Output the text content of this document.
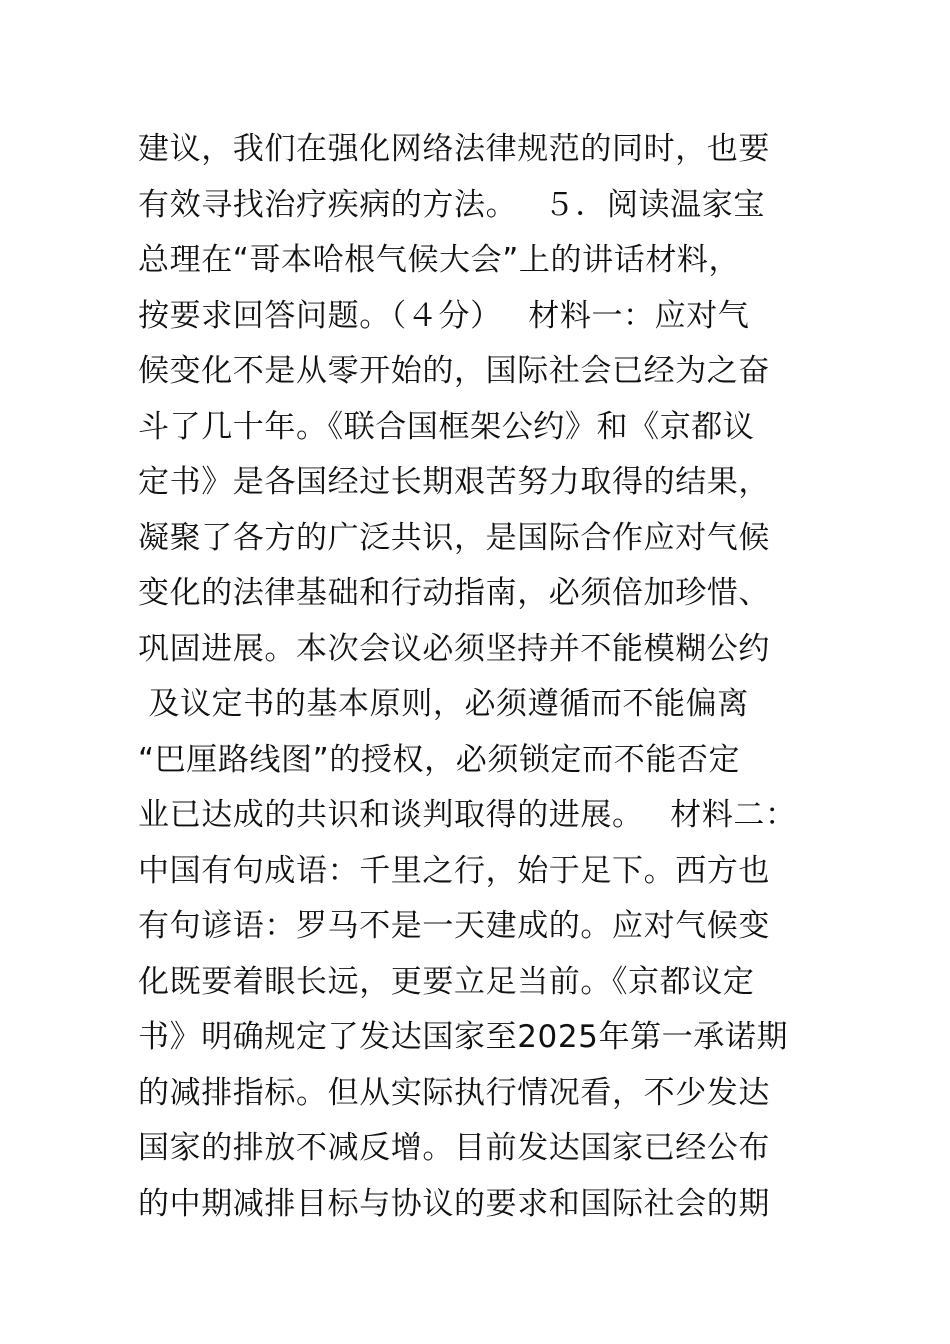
建议，我们在强化网络法律规范的同时，也要
有效寻找治疗疾病的方法。　 ５．阅读温家宝
总理在“哥本哈根气候大会”上的讲话材料，
按要求回答问题。（４分）　 材料一：应对气
候变化不是从零开始的，国际社会已经为之奋
斗了几十年。《联合国框架公约》和《京都议
定书》是各国经过长期艰苦努力取得的结果，
凝聚了各方的广泛共识，是国际合作应对气候
变化的法律基础和行动指南，必须倍加珍惜、
巩固进展。本次会议必须坚持并不能模糊公约
及议定书的基本原则，必须遵循而不能偏离
“巴厘路线图”的授权，必须锁定而不能否定
业已达成的共识和谈判取得的进展。　 材料二：
中国有句成语：千里之行，始于足下。西方也
有句谚语：罗马不是一天建成的。应对气候变
化既要着眼长远，更要立足当前。《京都议定
书》明确规定了发达国家至2025年第一承诺期
的减排指标。但从实际执行情况看，不少发达
国家的排放不减反增。目前发达国家已经公布
的中期减排目标与协议的要求和国际社会的期
